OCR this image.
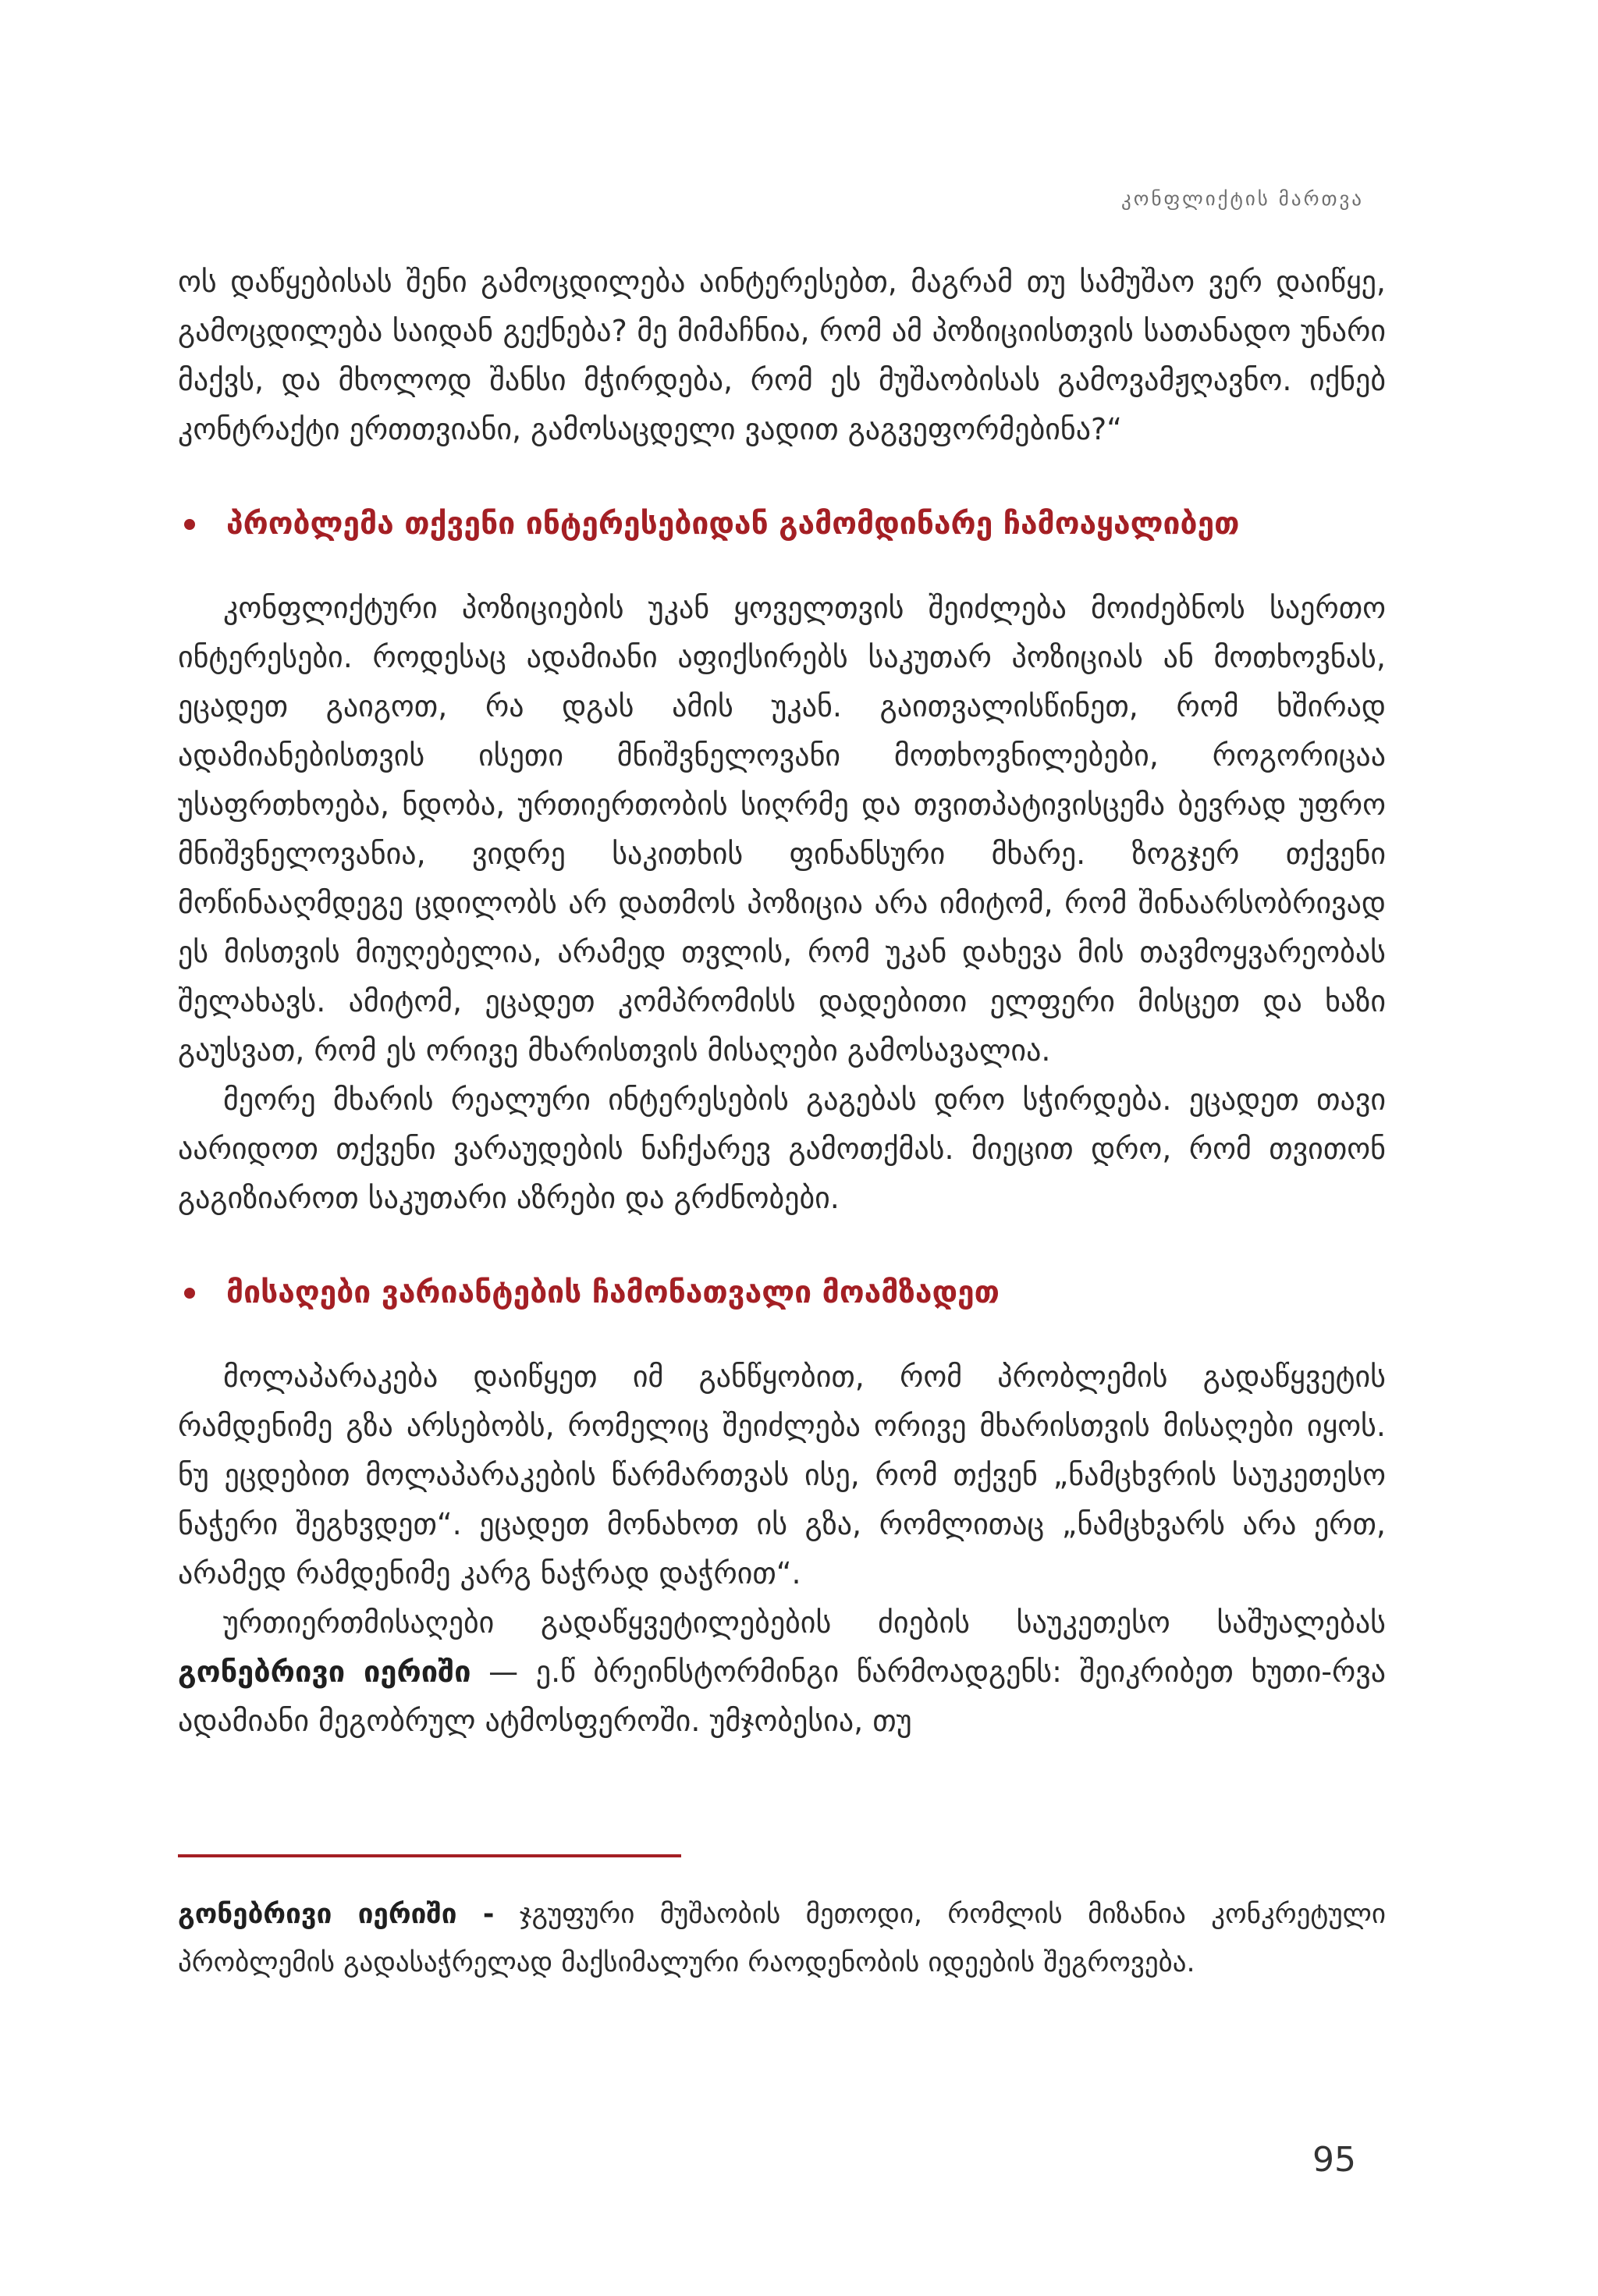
კონფლიქტის მართვა

ოს დაწყებისას შენი გამოცდილება აინტერესებთ, მაგრამ თუ სამუშაო ვერ დაიწყე, გამოცდილება საიდან გექნება? მე მიმაჩნია, რომ ამ პოზიციისთვის სათანადო უნარი მაქვს, და მხოლოდ შანსი მჭირდება, რომ ეს მუშაობისას გამოვამჟღავნო. იქნებ კონტრაქტი ერთთვიანი, გამოსაცდელი ვადით გაგვეფორმებინა?“

პრობლემა თქვენი ინტერესებიდან გამომდინარე ჩამოაყალიბეთ

კონფლიქტური პოზიციების უკან ყოველთვის შეიძლება მოიძებნოს საერთო ინტერესები. როდესაც ადამიანი აფიქსირებს საკუთარ პოზიციას ან მოთხოვნას, ეცადეთ გაიგოთ, რა დგას ამის უკან. გაითვალისწინეთ, რომ ხშირად ადამიანებისთვის ისეთი მნიშვნელოვანი მოთხოვნილებები, როგორიცაა უსაფრთხოება, ნდობა, ურთიერთობის სიღრმე და თვითპატივისცემა ბევრად უფრო მნიშვნელოვანია, ვიდრე საკითხის ფინანსური მხარე. ზოგჯერ თქვენი მოწინააღმდეგე ცდილობს არ დათმოს პოზიცია არა იმიტომ, რომ შინაარსობრივად ეს მისთვის მიუღებელია, არამედ თვლის, რომ უკან დახევა მის თავმოყვარეობას შელახავს. ამიტომ, ეცადეთ კომპრომისს დადებითი ელფერი მისცეთ და ხაზი გაუსვათ, რომ ეს ორივე მხარისთვის მისაღები გამოსავალია.

მეორე მხარის რეალური ინტერესების გაგებას დრო სჭირდება. ეცადეთ თავი აარიდოთ თქვენი ვარაუდების ნაჩქარევ გამოთქმას. მიეცით დრო, რომ თვითონ გაგიზიაროთ საკუთარი აზრები და გრძნობები.

მისაღები ვარიანტების ჩამონათვალი მოამზადეთ

მოლაპარაკება დაიწყეთ იმ განწყობით, რომ პრობლემის გადაწყვეტის რამდენიმე გზა არსებობს, რომელიც შეიძლება ორივე მხარისთვის მისაღები იყოს. ნუ ეცდებით მოლაპარაკების წარმართვას ისე, რომ თქვენ „ნამცხვრის საუკეთესო ნაჭერი შეგხვდეთ“. ეცადეთ მონახოთ ის გზა, რომლითაც „ნამცხვარს არა ერთ, არამედ რამდენიმე კარგ ნაჭრად დაჭრით“.

ურთიერთმისაღები გადაწყვეტილებების ძიების საუკეთესო საშუალებას გონებრივი იერიში — ე.წ ბრეინსტორმინგი წარმოადგენს: შეიკრიბეთ ხუთი-რვა ადამიანი მეგობრულ ატმოსფეროში. უმჯობესია, თუ

გონებრივი იერიში - ჯგუფური მუშაობის მეთოდი, რომლის მიზანია კონკრეტული პრობლემის გადასაჭრელად მაქსიმალური რაოდენობის იდეების შეგროვება.

95
